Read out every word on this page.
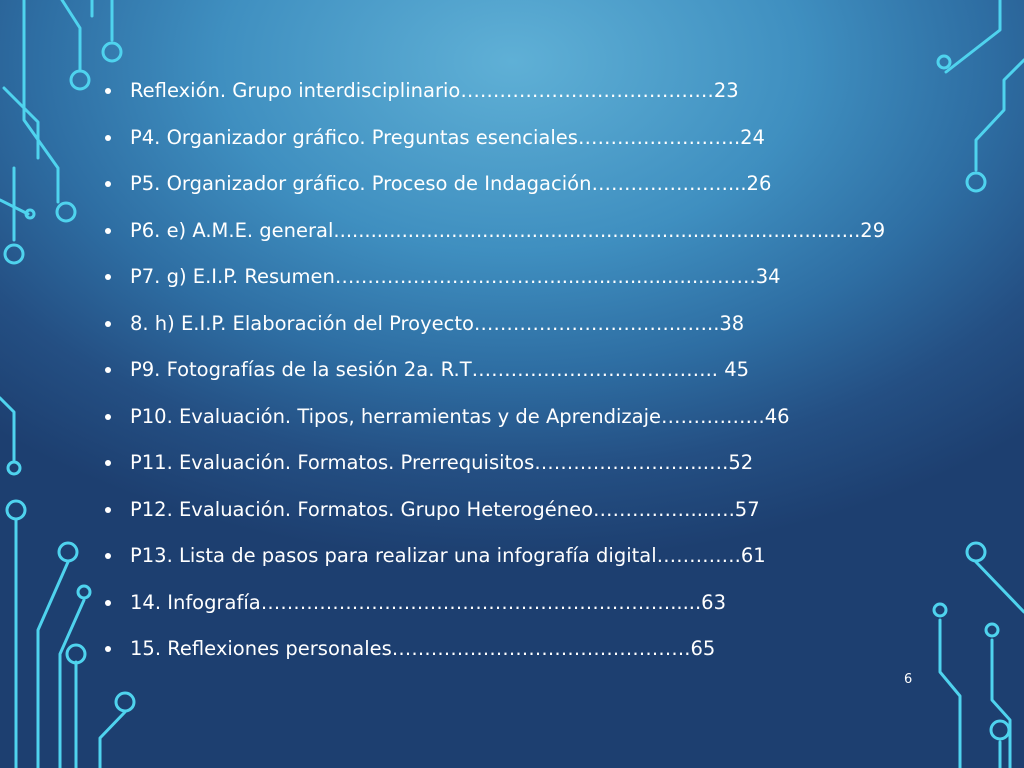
Reflexión. Grupo interdisciplinario…………………………………23
P4. Organizador gráfico. Preguntas esenciales…………………….24
P5. Organizador gráfico. Proceso de Indagación…………………...26
P6. e) A.M.E. general.....................................................................................29
P7. g) E.I.P. Resumen……………………………..........................…….34
8. h) E.I.P. Elaboración del Proyecto…………………………...…..38
P9. Fotografías de la sesión 2a. R.T……………………………….. 45
P10. Evaluación. Tipos, herramientas y de Aprendizaje…………….46
P11. Evaluación. Formatos. Prerrequisitos……………………..….52
P12. Evaluación. Formatos. Grupo Heterogéneo……………...….57
P13. Lista de pasos para realizar una infografía digital………….61
14. Infografía……………………………………………………….....63
15. Reflexiones personales……………………………………….65
6
